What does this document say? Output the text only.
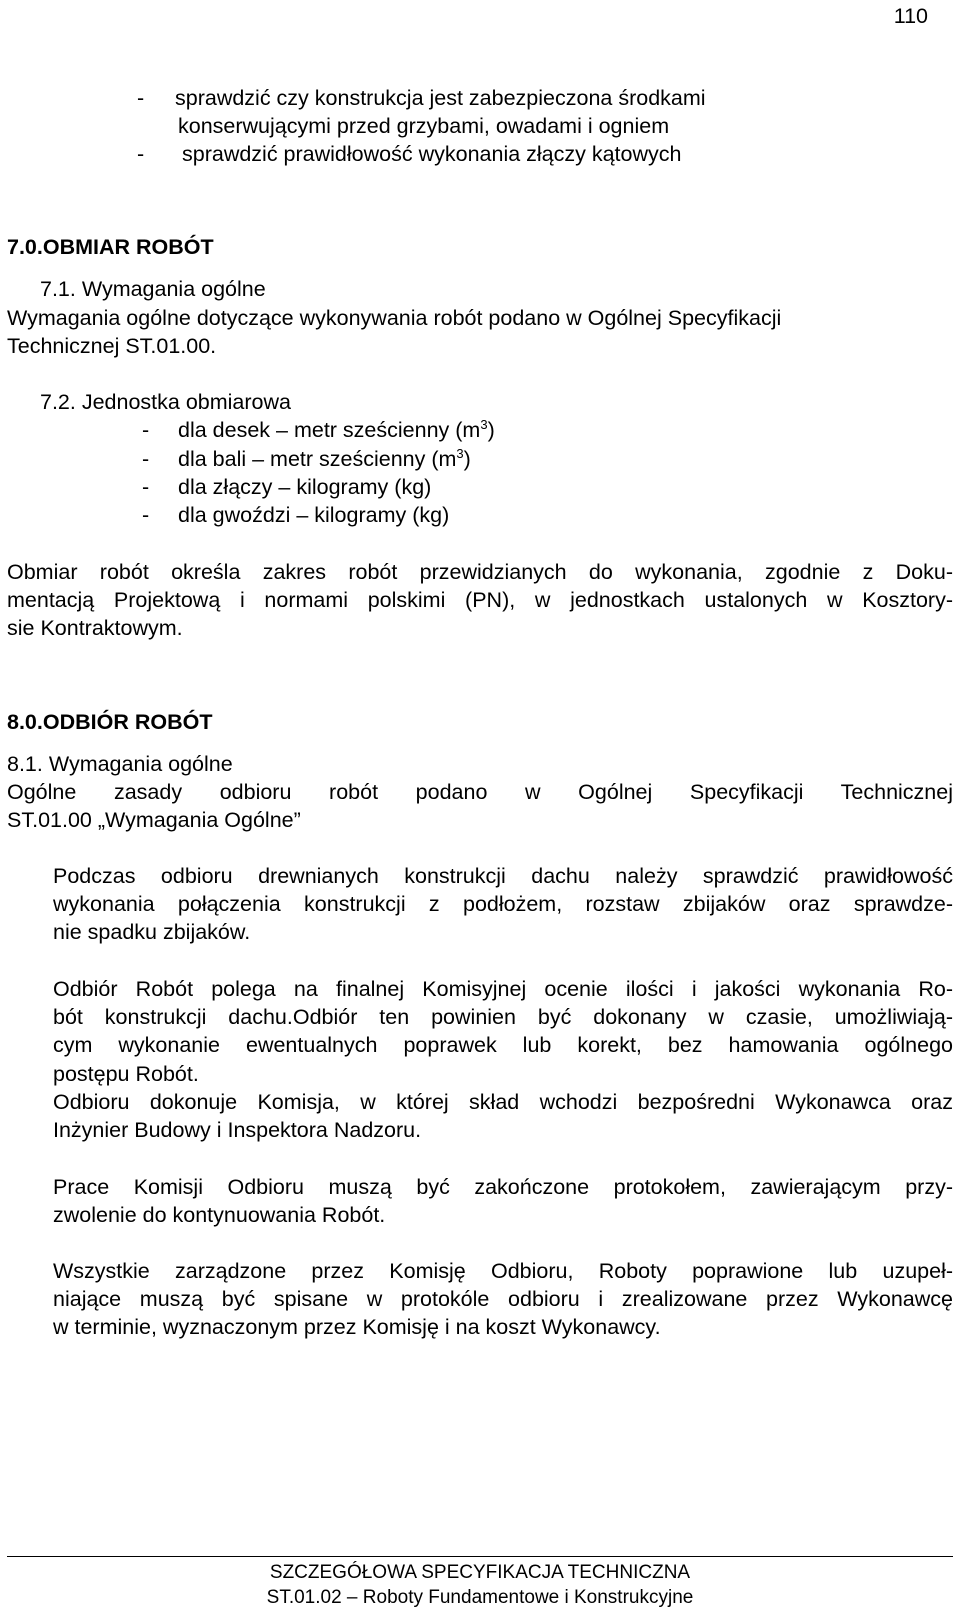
110
- sprawdzić czy konstrukcja jest zabezpieczona środkami
konserwującymi przed grzybami, owadami i ogniem
- sprawdzić prawidłowość wykonania złączy kątowych
7.0.OBMIAR ROBÓT
7.1. Wymagania ogólne
Wymagania ogólne dotyczące wykonywania robót podano w Ogólnej Specyfikacji
Technicznej ST.01.00.
7.2. Jednostka obmiarowa
- dla desek – metr sześcienny $(m^3)$
- dla bali – metr sześcienny $(m^3)$
- dla złączy – kilogramy (kg)
- dla gwoździ – kilogramy (kg)
Obmiar robót określa zakres robót przewidzianych do wykonania, zgodnie z Doku-
mentacją Projektową i normami polskimi (PN), w jednostkach ustalonych w Kosztory-
sie Kontraktowym.
8.0.ODBIÓR ROBÓT
8.1. Wymagania ogólne
Ogólne zasady odbioru robót podano w Ogólnej Specyfikacji Technicznej
ST.01.00 „Wymagania Ogólne”
Podczas odbioru drewnianych konstrukcji dachu należy sprawdzić prawidłowość
wykonania połączenia konstrukcji z podłożem, rozstaw zbijaków oraz sprawdze-
nie spadku zbijaków.
Odbiór Robót polega na finalnej Komisyjnej ocenie ilości i jakości wykonania Ro-
bót konstrukcji dachu.Odbiór ten powinien być dokonany w czasie, umożliwiają-
cym wykonanie ewentualnych poprawek lub korekt, bez hamowania ogólnego
postępu Robót.
Odbioru dokonuje Komisja, w której skład wchodzi bezpośredni Wykonawca oraz
Inżynier Budowy i Inspektora Nadzoru.
Prace Komisji Odbioru muszą być zakończone protokołem, zawierającym przy-
zwolenie do kontynuowania Robót.
Wszystkie zarządzone przez Komisję Odbioru, Roboty poprawione lub uzupeł-
niające muszą być spisane w protokóle odbioru i zrealizowane przez Wykonawcę
w terminie, wyznaczonym przez Komisję i na koszt Wykonawcy.
SZCZEGÓŁOWA SPECYFIKACJA TECHNICZNA
ST.01.02 – Roboty Fundamentowe i Konstrukcyjne
